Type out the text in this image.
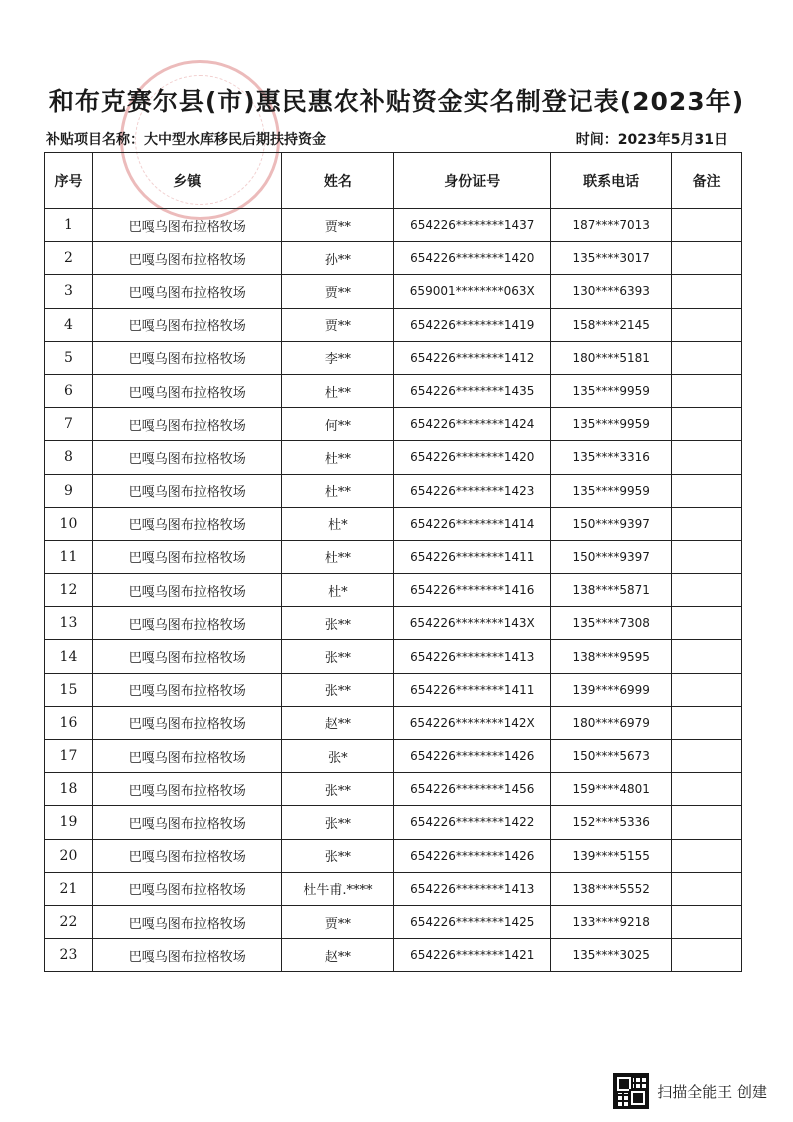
和布克赛尔县(市)惠民惠农补贴资金实名制登记表(2023年)
补贴项目名称：大中型水库移民后期扶持资金	时间：2023年5月31日
序号	乡镇	姓名	身份证号	联系电话	备注
1	巴嘎乌图布拉格牧场	贾**	654226********1437	187****7013	
2	巴嘎乌图布拉格牧场	孙**	654226********1420	135****3017	
3	巴嘎乌图布拉格牧场	贾**	659001********063X	130****6393	
4	巴嘎乌图布拉格牧场	贾**	654226********1419	158****2145	
5	巴嘎乌图布拉格牧场	李**	654226********1412	180****5181	
6	巴嘎乌图布拉格牧场	杜**	654226********1435	135****9959	
7	巴嘎乌图布拉格牧场	何**	654226********1424	135****9959	
8	巴嘎乌图布拉格牧场	杜**	654226********1420	135****3316	
9	巴嘎乌图布拉格牧场	杜**	654226********1423	135****9959	
10	巴嘎乌图布拉格牧场	杜*	654226********1414	150****9397	
11	巴嘎乌图布拉格牧场	杜**	654226********1411	150****9397	
12	巴嘎乌图布拉格牧场	杜*	654226********1416	138****5871	
13	巴嘎乌图布拉格牧场	张**	654226********143X	135****7308	
14	巴嘎乌图布拉格牧场	张**	654226********1413	138****9595	
15	巴嘎乌图布拉格牧场	张**	654226********1411	139****6999	
16	巴嘎乌图布拉格牧场	赵**	654226********142X	180****6979	
17	巴嘎乌图布拉格牧场	张*	654226********1426	150****5673	
18	巴嘎乌图布拉格牧场	张**	654226********1456	159****4801	
19	巴嘎乌图布拉格牧场	张**	654226********1422	152****5336	
20	巴嘎乌图布拉格牧场	张**	654226********1426	139****5155	
21	巴嘎乌图布拉格牧场	杜牛甫.****	654226********1413	138****5552	
22	巴嘎乌图布拉格牧场	贾**	654226********1425	133****9218	
23	巴嘎乌图布拉格牧场	赵**	654226********1421	135****3025	
扫描全能王 创建
